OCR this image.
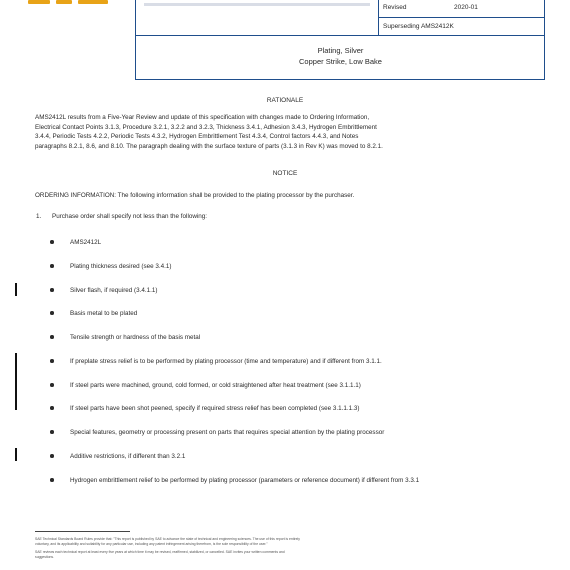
Revised	2020-01
Superseding AMS2412K
Plating, Silver
Copper Strike, Low Bake
RATIONALE
AMS2412L results from a Five-Year Review and update of this specification with changes made to Ordering Information,
Electrical Contact Points 3.1.3, Procedure 3.2.1, 3.2.2 and 3.2.3, Thickness 3.4.1, Adhesion 3.4.3, Hydrogen Embrittlement
3.4.4, Periodic Tests 4.2.2, Periodic Tests 4.3.2, Hydrogen Embrittlement Test 4.3.4, Control factors 4.4.3, and Notes
paragraphs 8.2.1, 8.6, and 8.10. The paragraph dealing with the surface texture of parts (3.1.3 in Rev K) was moved to 8.2.1.
NOTICE
ORDERING INFORMATION: The following information shall be provided to the plating processor by the purchaser.
1. Purchase order shall specify not less than the following:
AMS2412L
Plating thickness desired (see 3.4.1)
Silver flash, if required (3.4.1.1)
Basis metal to be plated
Tensile strength or hardness of the basis metal
If preplate stress relief is to be performed by plating processor (time and temperature) and if different from 3.1.1.
If steel parts were machined, ground, cold formed, or cold straightened after heat treatment (see 3.1.1.1)
If steel parts have been shot peened, specify if required stress relief has been completed (see 3.1.1.1.3)
Special features, geometry or processing present on parts that requires special attention by the plating processor
Additive restrictions, if different than 3.2.1
Hydrogen embrittlement relief to be performed by plating processor (parameters or reference document) if different from 3.3.1
SAE Technical Standards Board Rules provide that: "This report is published by SAE to advance the state of technical and engineering sciences. The use of this report is entirely
voluntary, and its applicability and suitability for any particular use, including any patent infringement arising therefrom, is the sole responsibility of the user."
SAE reviews each technical report at least every five years at which time it may be revised, reaffirmed, stabilized, or cancelled. SAE invites your written comments and
suggestions.
